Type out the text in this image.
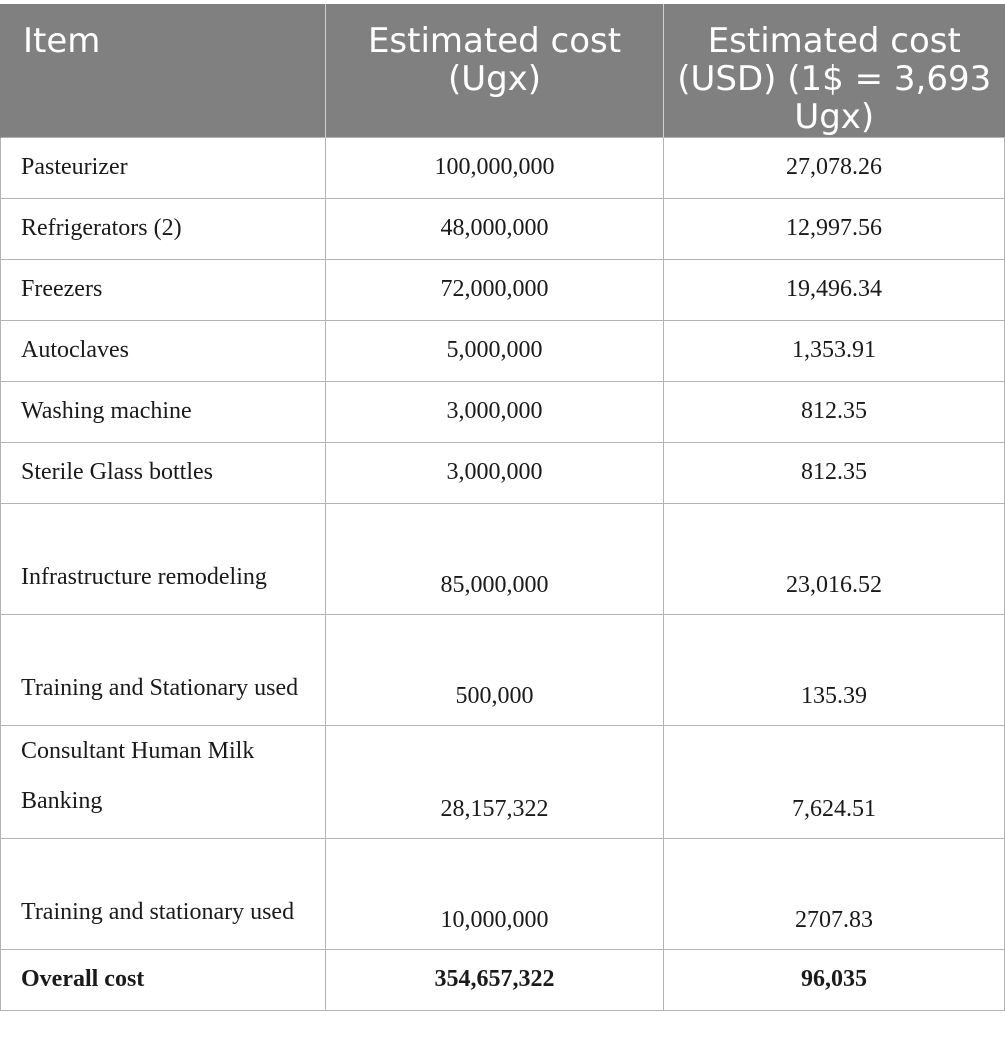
Item	Estimated cost (Ugx)	Estimated cost (USD) (1$ = 3,693 Ugx)
Pasteurizer	100,000,000	27,078.26
Refrigerators (2)	48,000,000	12,997.56
Freezers	72,000,000	19,496.34
Autoclaves	5,000,000	1,353.91
Washing machine	3,000,000	812.35
Sterile Glass bottles	3,000,000	812.35
Infrastructure remodeling	85,000,000	23,016.52
Training and Stationary used	500,000	135.39
Consultant Human Milk Banking	28,157,322	7,624.51
Training and stationary used	10,000,000	2707.83
Overall cost	354,657,322	96,035
